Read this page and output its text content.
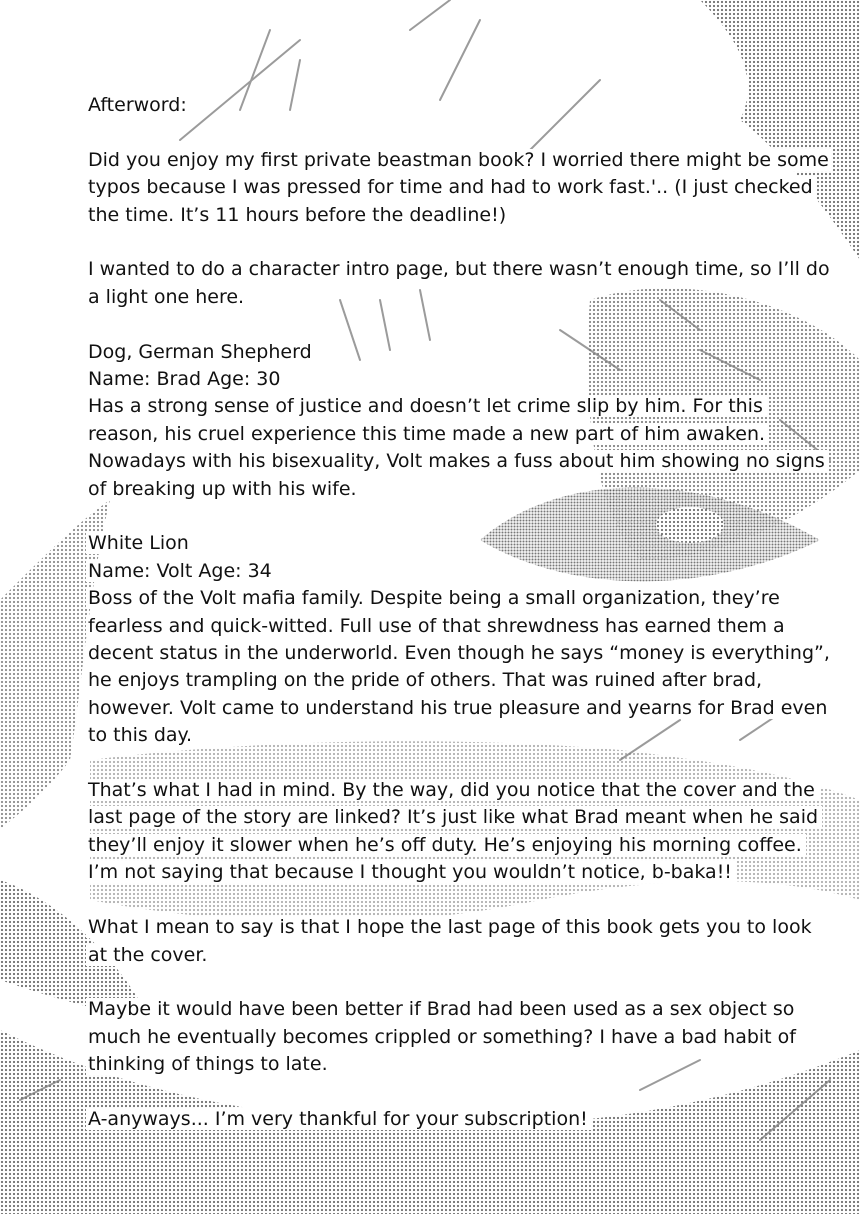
Afterword:

Did you enjoy my first private beastman book? I worried there might be some
typos because I was pressed for time and had to work fast.'.. (I just checked
the time. It’s 11 hours before the deadline!)

I wanted to do a character intro page, but there wasn’t enough time, so I’ll do
a light one here.

Dog, German Shepherd
Name: Brad Age: 30
Has a strong sense of justice and doesn’t let crime slip by him. For this
reason, his cruel experience this time made a new part of him awaken.
Nowadays with his bisexuality, Volt makes a fuss about him showing no signs
of breaking up with his wife.

White Lion
Name: Volt Age: 34
Boss of the Volt mafia family. Despite being a small organization, they’re
fearless and quick-witted. Full use of that shrewdness has earned them a
decent status in the underworld. Even though he says “money is everything”,
he enjoys trampling on the pride of others. That was ruined after brad,
however. Volt came to understand his true pleasure and yearns for Brad even
to this day.

That’s what I had in mind. By the way, did you notice that the cover and the
last page of the story are linked? It’s just like what Brad meant when he said
they’ll enjoy it slower when he’s off duty. He’s enjoying his morning coffee.
I’m not saying that because I thought you wouldn’t notice, b-baka!!

What I mean to say is that I hope the last page of this book gets you to look
at the cover.

Maybe it would have been better if Brad had been used as a sex object so
much he eventually becomes crippled or something? I have a bad habit of
thinking of things to late.

A-anyways... I’m very thankful for your subscription!
